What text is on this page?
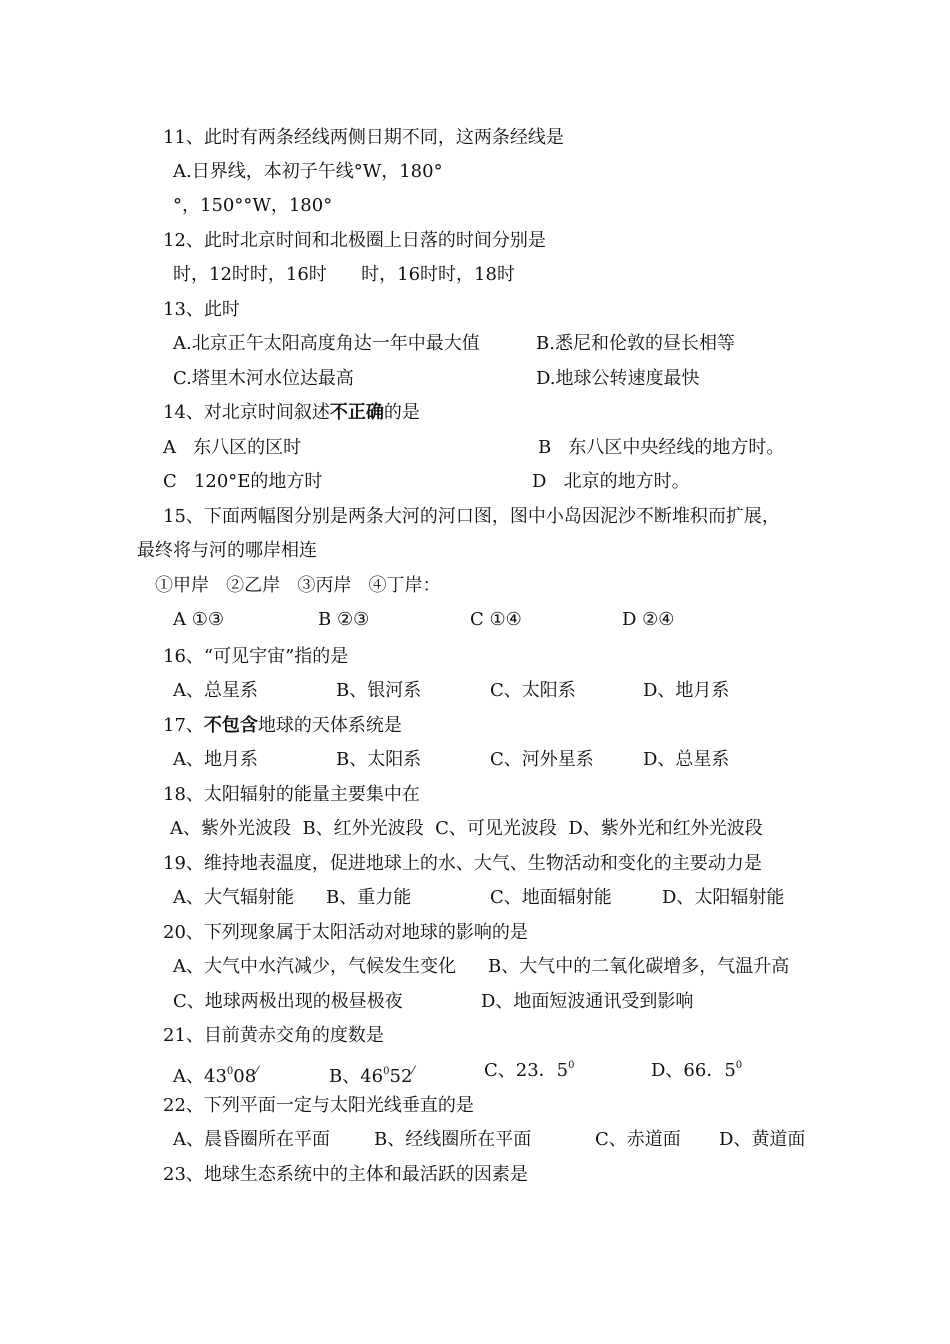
11、此时有两条经线两侧日期不同，这两条经线是
A.日界线，本初子午线°W，180°
°，150°°W，180°
12、此时北京时间和北极圈上日落的时间分别是
时，12时时，16时      时，16时时，18时
13、此时
A.北京正午太阳高度角达一年中最大值	B.悉尼和伦敦的昼长相等
C.塔里木河水位达最高	D.地球公转速度最快
14、对北京时间叙述不正确的是
A   东八区的区时	B   东八区中央经线的地方时。
C   120°E的地方时	D   北京的地方时。
15、下面两幅图分别是两条大河的河口图，图中小岛因泥沙不断堆积而扩展，
最终将与河的哪岸相连
①甲岸   ②乙岸   ③丙岸   ④丁岸：
A ①③	B ②③	C ①④	D ②④
16、“可见宇宙”指的是
A、总星系	B、银河系	C、太阳系	D、地月系
17、不包含地球的天体系统是
A、地月系	B、太阳系	C、河外星系	D、总星系
18、太阳辐射的能量主要集中在
A、紫外光波段  B、红外光波段  C、可见光波段  D、紫外光和红外光波段
19、维持地表温度，促进地球上的水、大气、生物活动和变化的主要动力是
A、大气辐射能 B、重力能	C、地面辐射能	D、太阳辐射能
20、下列现象属于太阳活动对地球的影响的是
A、大气中水汽减少，气候发生变化 B、大气中的二氧化碳增多，气温升高
C、地球两极出现的极昼极夜	D、地面短波通讯受到影响
21、目前黄赤交角的度数是
A、$43^008^⁄$	B、$46^052^⁄$	C、23．$5^0$	D、66．$5^0$
22、下列平面一定与太阳光线垂直的是
A、晨昏圈所在平面 B、经线圈所在平面	C、赤道面 D、黄道面
23、地球生态系统中的主体和最活跃的因素是
